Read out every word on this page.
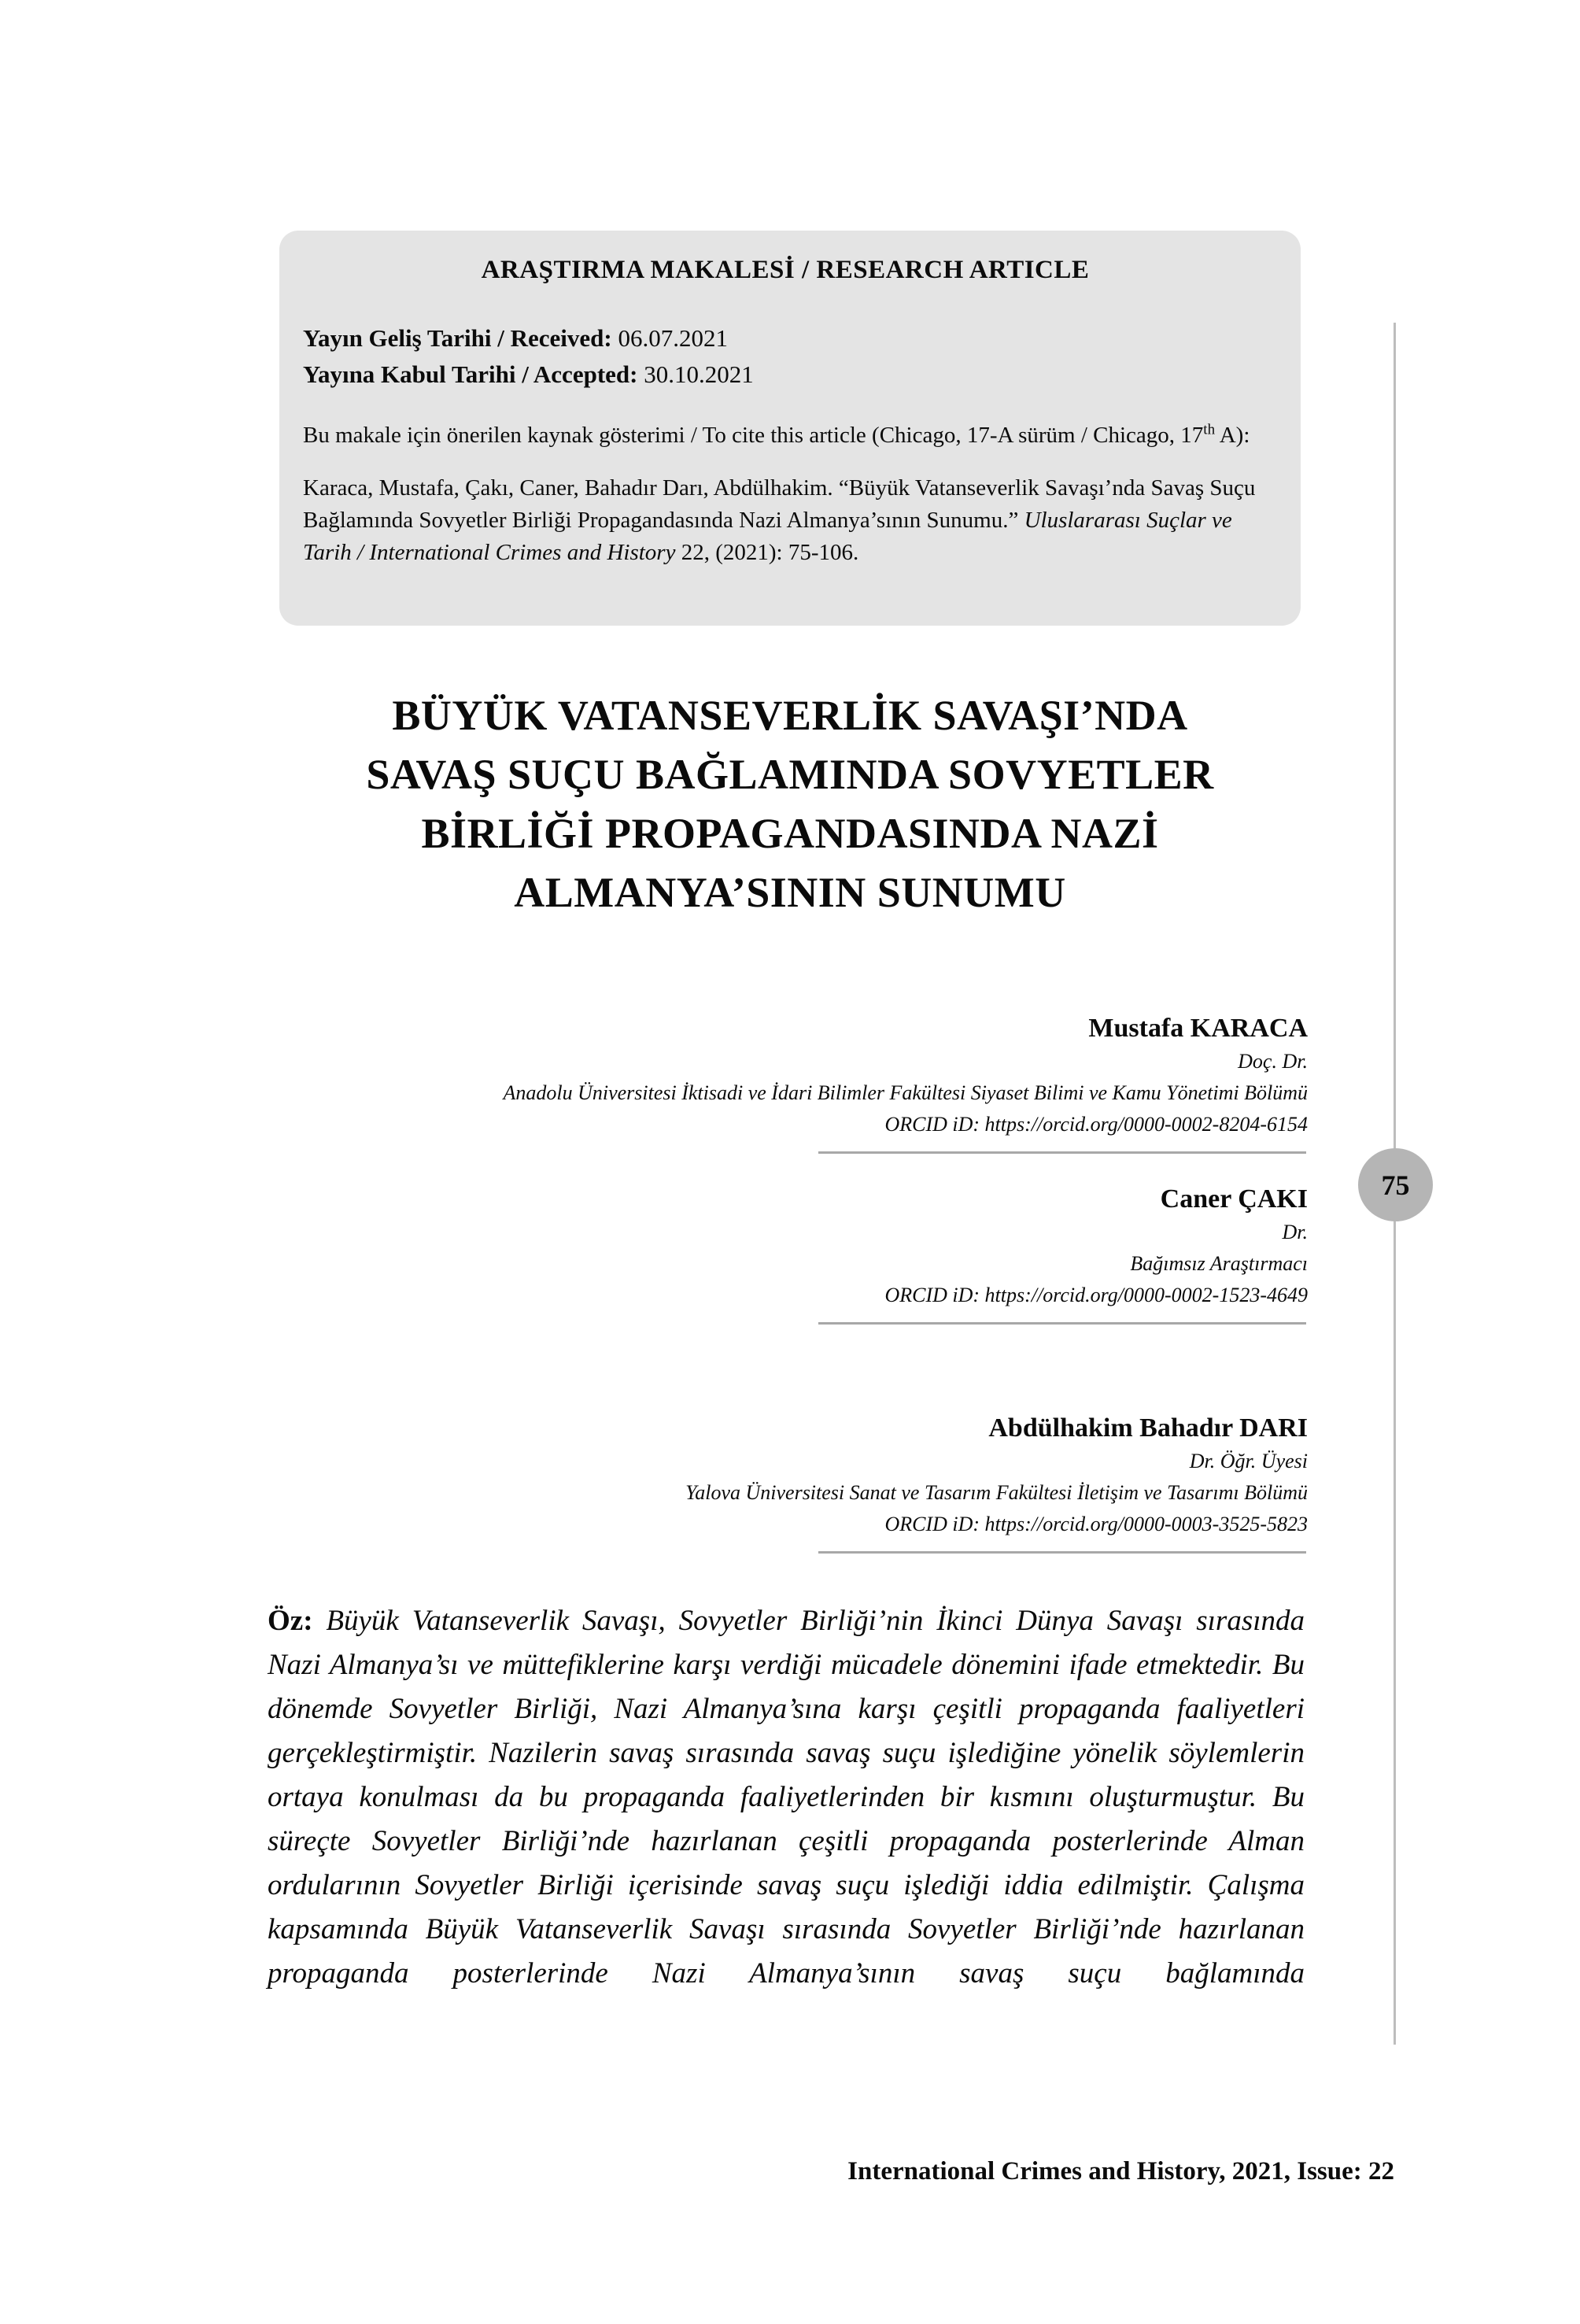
ARAŞTIRMA MAKALESİ / RESEARCH ARTICLE
Yayın Geliş Tarihi / Received: 06.07.2021
Yayına Kabul Tarihi / Accepted: 30.10.2021
Bu makale için önerilen kaynak gösterimi / To cite this article (Chicago, 17-A sürüm / Chicago, 17th A):
Karaca, Mustafa, Çakı, Caner, Bahadır Darı, Abdülhakim. “Büyük Vatanseverlik Savaşı’nda Savaş Suçu Bağlamında Sovyetler Birliği Propagandasında Nazi Almanya’sının Sunumu.” Uluslararası Suçlar ve Tarih / International Crimes and History 22, (2021): 75-106.
BÜYÜK VATANSEVERLİK SAVAŞI’NDA
SAVAŞ SUÇU BAĞLAMINDA SOVYETLER
BİRLİĞİ PROPAGANDASINDA NAZİ
ALMANYA’SININ SUNUMU
75
Mustafa KARACA
Doç. Dr.
Anadolu Üniversitesi İktisadi ve İdari Bilimler Fakültesi Siyaset Bilimi ve Kamu Yönetimi Bölümü
ORCID iD: https://orcid.org/0000-0002-8204-6154
Caner ÇAKI
Dr.
Bağımsız Araştırmacı
ORCID iD: https://orcid.org/0000-0002-1523-4649
Abdülhakim Bahadır DARI
Dr. Öğr. Üyesi
Yalova Üniversitesi Sanat ve Tasarım Fakültesi İletişim ve Tasarımı Bölümü
ORCID iD: https://orcid.org/0000-0003-3525-5823
Öz: Büyük Vatanseverlik Savaşı, Sovyetler Birliği’nin İkinci Dünya Savaşı sırasında Nazi Almanya’sı ve müttefiklerine karşı verdiği mücadele dönemini ifade etmektedir. Bu dönemde Sovyetler Birliği, Nazi Almanya’sına karşı çeşitli propaganda faaliyetleri gerçekleştirmiştir. Nazilerin savaş sırasında savaş suçu işlediğine yönelik söylemlerin ortaya konulması da bu propaganda faaliyetlerinden bir kısmını oluşturmuştur. Bu süreçte Sovyetler Birliği’nde hazırlanan çeşitli propaganda posterlerinde Alman ordularının Sovyetler Birliği içerisinde savaş suçu işlediği iddia edilmiştir. Çalışma kapsamında Büyük Vatanseverlik Savaşı sırasında Sovyetler Birliği’nde hazırlanan propaganda posterlerinde Nazi Almanya’sının savaş suçu bağlamında
International Crimes and History, 2021, Issue: 22
